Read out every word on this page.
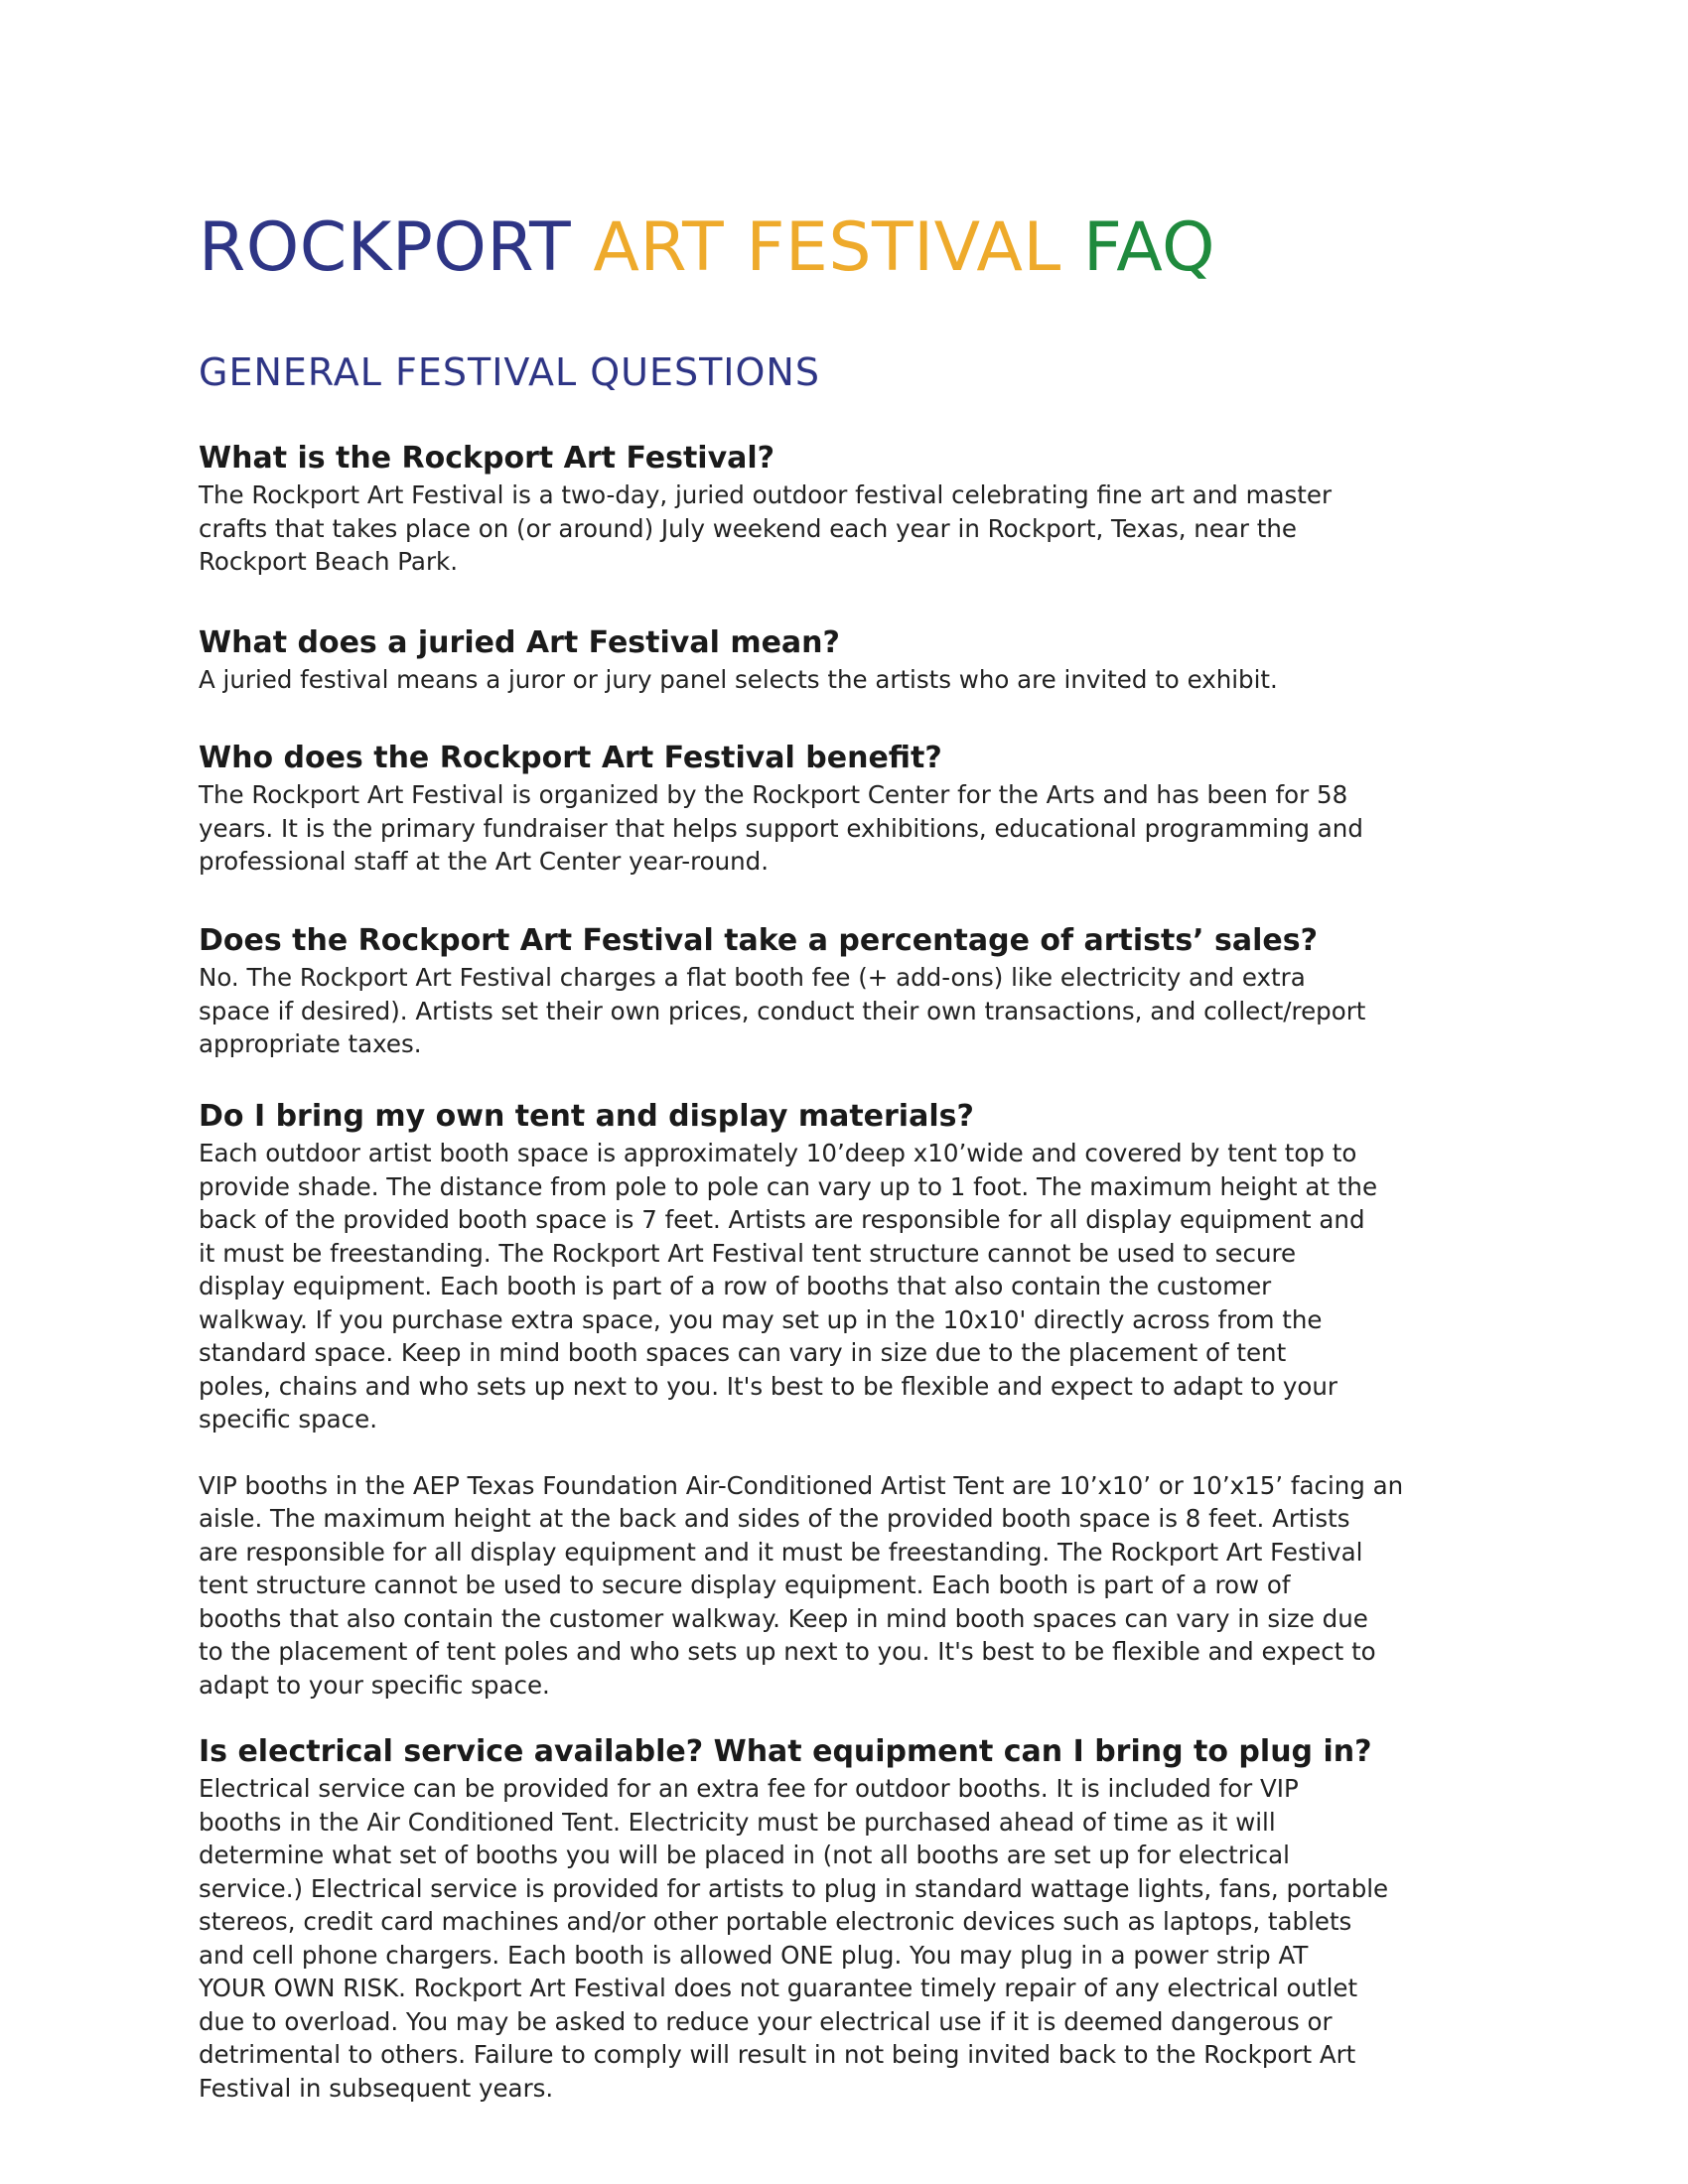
ROCKPORT ART FESTIVAL FAQ
GENERAL FESTIVAL QUESTIONS
What is the Rockport Art Festival?

The Rockport Art Festival is a two-day, juried outdoor festival celebrating fine art and master
crafts that takes place on (or around) July weekend each year in Rockport, Texas, near the
Rockport Beach Park.

What does a juried Art Festival mean?

A juried festival means a juror or jury panel selects the artists who are invited to exhibit.

Who does the Rockport Art Festival benefit?

The Rockport Art Festival is organized by the Rockport Center for the Arts and has been for 58
years. It is the primary fundraiser that helps support exhibitions, educational programming and
professional staff at the Art Center year-round.

Does the Rockport Art Festival take a percentage of artists’ sales?

No. The Rockport Art Festival charges a flat booth fee (+ add-ons) like electricity and extra
space if desired). Artists set their own prices, conduct their own transactions, and collect/report
appropriate taxes.

Do I bring my own tent and display materials?

Each outdoor artist booth space is approximately 10’deep x10’wide and covered by tent top to
provide shade. The distance from pole to pole can vary up to 1 foot. The maximum height at the
back of the provided booth space is 7 feet. Artists are responsible for all display equipment and
it must be freestanding. The Rockport Art Festival tent structure cannot be used to secure
display equipment. Each booth is part of a row of booths that also contain the customer
walkway. If you purchase extra space, you may set up in the 10x10' directly across from the
standard space. Keep in mind booth spaces can vary in size due to the placement of tent
poles, chains and who sets up next to you. It's best to be flexible and expect to adapt to your
specific space.

VIP booths in the AEP Texas Foundation Air-Conditioned Artist Tent are 10’x10’ or 10’x15’ facing an
aisle. The maximum height at the back and sides of the provided booth space is 8 feet. Artists
are responsible for all display equipment and it must be freestanding. The Rockport Art Festival
tent structure cannot be used to secure display equipment. Each booth is part of a row of
booths that also contain the customer walkway. Keep in mind booth spaces can vary in size due
to the placement of tent poles and who sets up next to you. It's best to be flexible and expect to
adapt to your specific space.

Is electrical service available? What equipment can I bring to plug in?

Electrical service can be provided for an extra fee for outdoor booths. It is included for VIP
booths in the Air Conditioned Tent. Electricity must be purchased ahead of time as it will
determine what set of booths you will be placed in (not all booths are set up for electrical
service.) Electrical service is provided for artists to plug in standard wattage lights, fans, portable
stereos, credit card machines and/or other portable electronic devices such as laptops, tablets
and cell phone chargers. Each booth is allowed ONE plug. You may plug in a power strip AT
YOUR OWN RISK. Rockport Art Festival does not guarantee timely repair of any electrical outlet
due to overload. You may be asked to reduce your electrical use if it is deemed dangerous or
detrimental to others. Failure to comply will result in not being invited back to the Rockport Art
Festival in subsequent years.
